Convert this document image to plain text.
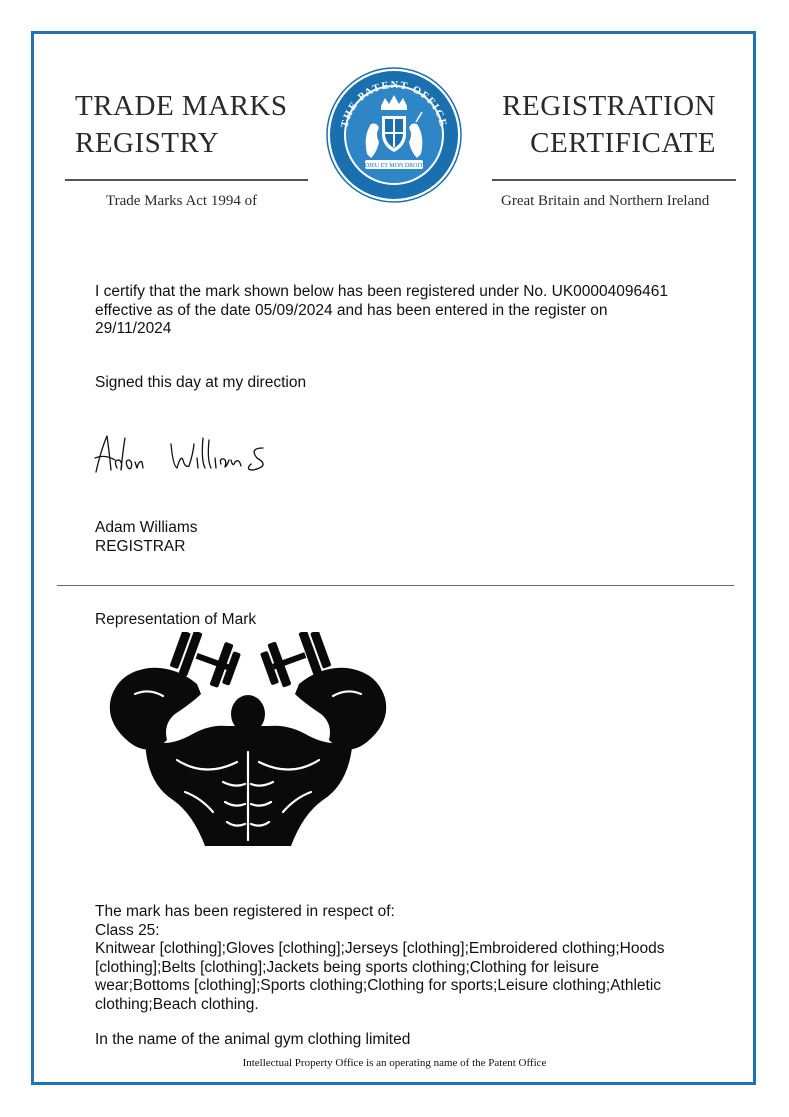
TRADE MARKS
REGISTRY
REGISTRATION
CERTIFICATE
Trade Marks Act 1994 of	Great Britain and Northern Ireland
THE PATENT OFFICE
DIEU ET MON DROIT
I certify that the mark shown below has been registered under No. UK00004096461
effective as of the date 05/09/2024 and has been entered in the register on
29/11/2024
Signed this day at my direction
Adam Williams
REGISTRAR
Representation of Mark
The mark has been registered in respect of:
Class 25:
Knitwear [clothing];Gloves [clothing];Jerseys [clothing];Embroidered clothing;Hoods
[clothing];Belts [clothing];Jackets being sports clothing;Clothing for leisure
wear;Bottoms [clothing];Sports clothing;Clothing for sports;Leisure clothing;Athletic
clothing;Beach clothing.
In the name of the animal gym clothing limited
Intellectual Property Office is an operating name of the Patent Office
